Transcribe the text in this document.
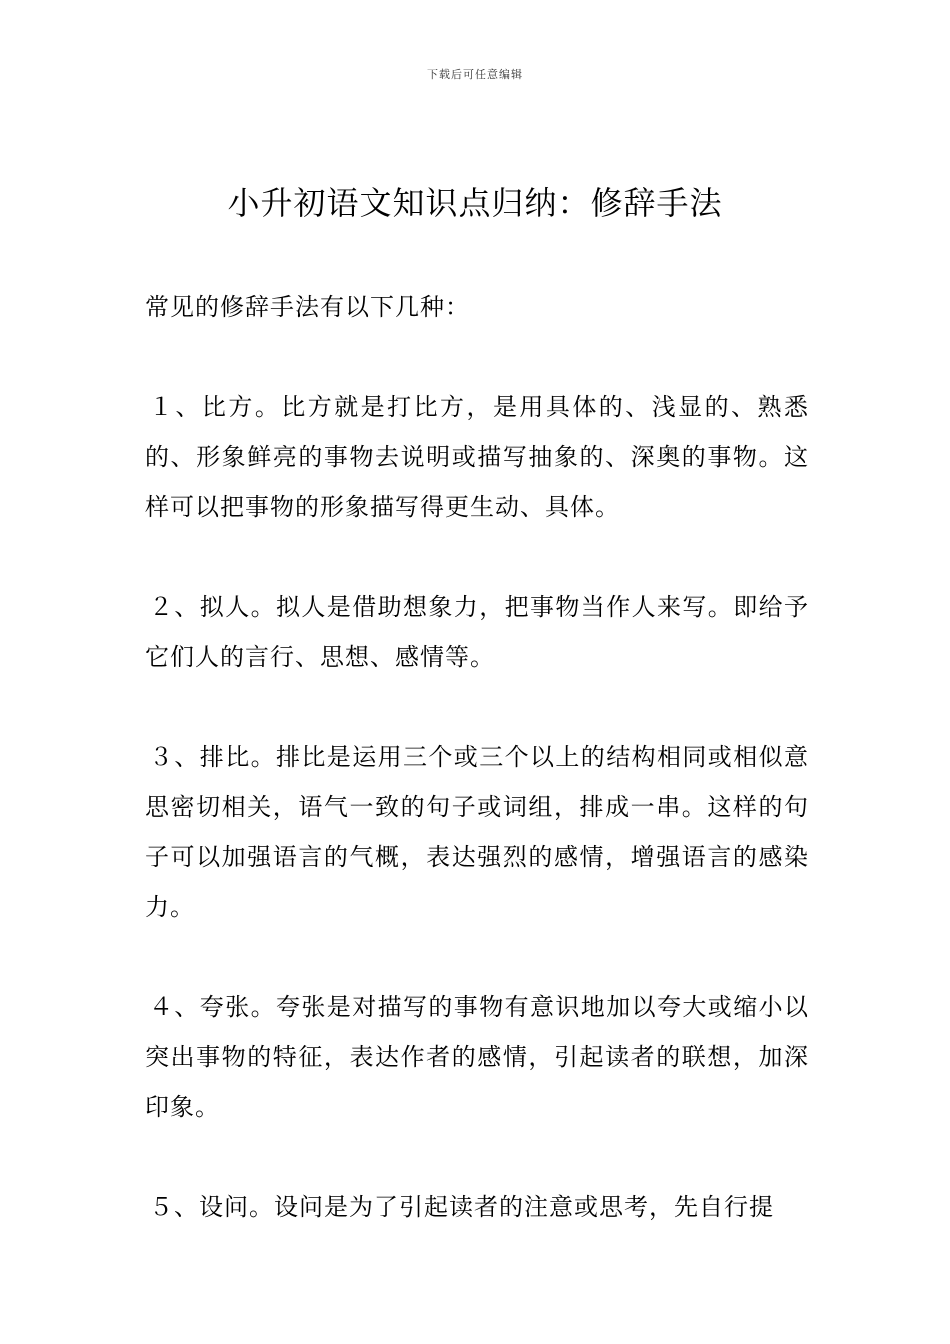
下载后可任意编辑
小升初语文知识点归纳：修辞手法

常见的修辞手法有以下几种：

１、比方。比方就是打比方，是用具体的、浅显的、熟悉的、形象鲜亮的事物去说明或描写抽象的、深奥的事物。这样可以把事物的形象描写得更生动、具体。

２、拟人。拟人是借助想象力，把事物当作人来写。即给予它们人的言行、思想、感情等。

３、排比。排比是运用三个或三个以上的结构相同或相似意思密切相关，语气一致的句子或词组，排成一串。这样的句子可以加强语言的气概，表达强烈的感情，增强语言的感染力。

４、夸张。夸张是对描写的事物有意识地加以夸大或缩小以突出事物的特征，表达作者的感情，引起读者的联想，加深印象。

５、设问。设问是为了引起读者的注意或思考，先自行提
